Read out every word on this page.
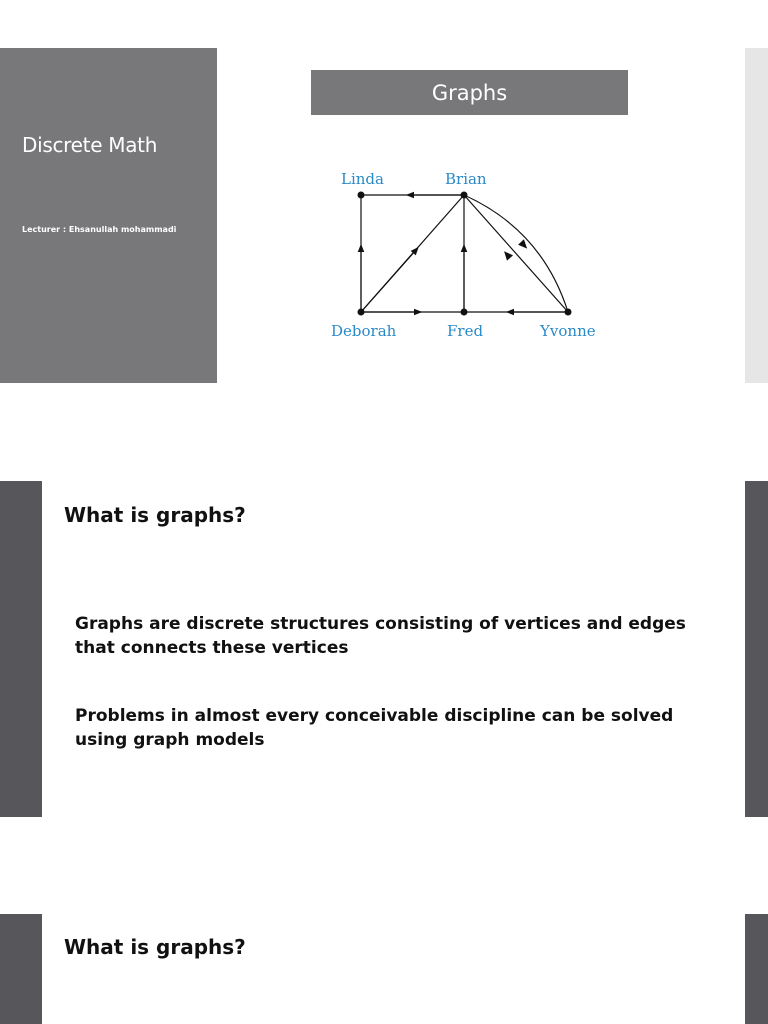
Discrete Math
Lecturer : Ehsanullah mohammadi
Graphs
Linda	Brian
Deborah	Fred	Yvonne
What is graphs?
Graphs are discrete structures consisting of vertices and edges that connects these vertices
Problems in almost every conceivable discipline can be solved using graph models
What is graphs?
